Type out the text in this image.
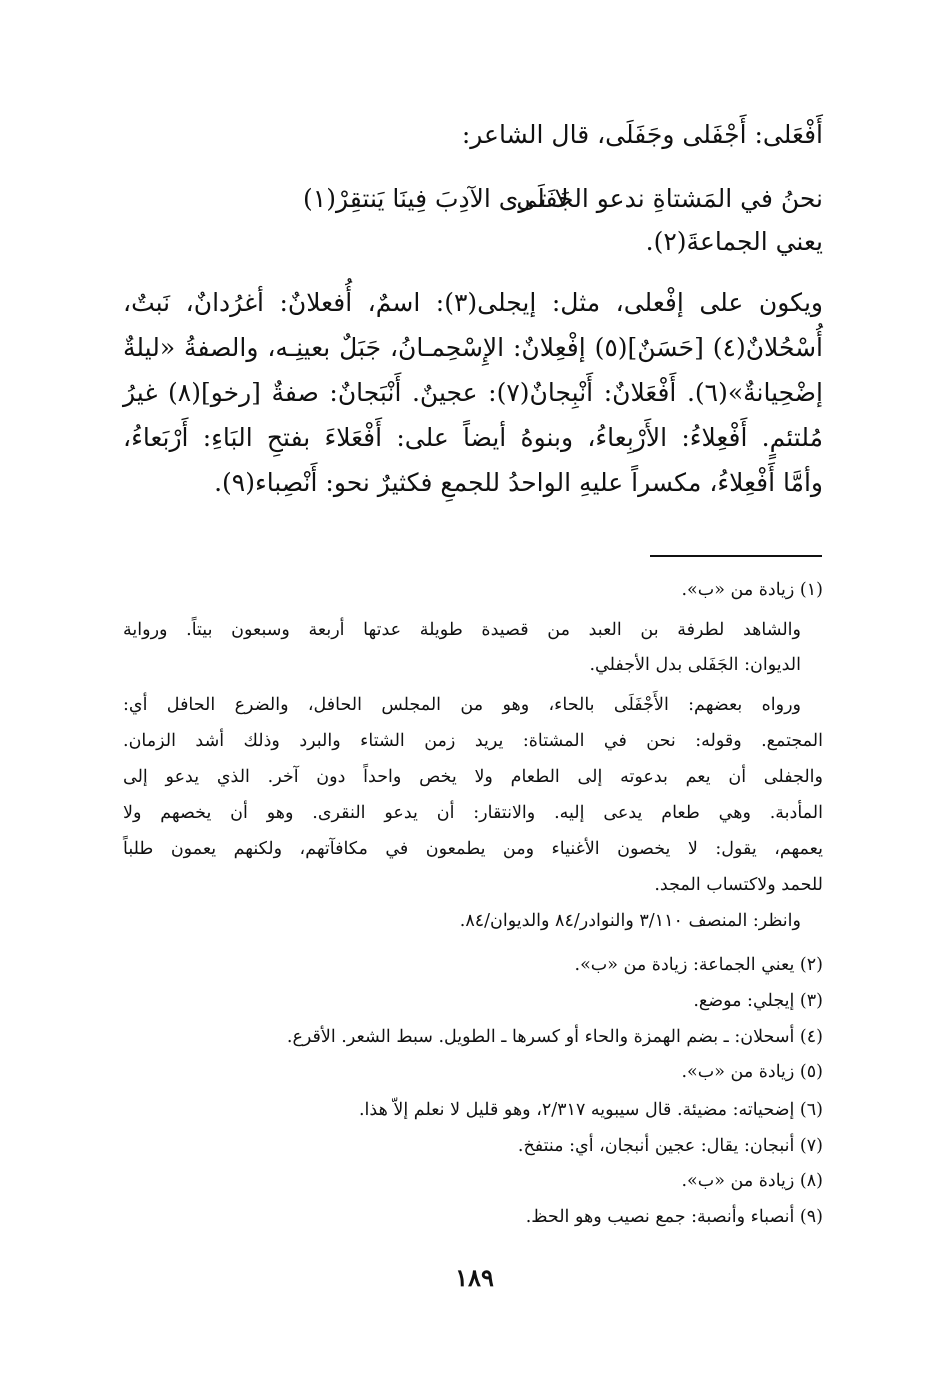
أَفْعَلى: أَجْفَلى وجَفَلَى، قال الشاعر:
نحنُ في المَشتاةِ ندعو الجَفَلَى
لا تـرى الآدِبَ فِينَا يَنتقِرْ(١)
يعني الجماعةَ(٢).
ويكون على إفْعلى، مثل: إيجلى(٣): اسمٌ، أُفعلانٌ: أغرُدانٌ، نَبتٌ،
أُسْحُلانٌ(٤) [حَسَنٌ](٥) إفْعِلانٌ: الإِسْحِمـانُ، جَبَلٌ بعينِـه، والصفةُ «ليلةٌ
إضْحِيانةٌ»(٦). أَفْعَلانٌ: أَنْبِجانٌ(٧): عجينٌ. أَنْبَجانٌ: صفةٌ [رخو](٨) غيرُ
مُلتئمٍ. أَفْعِلاءُ: الأَرْبِعاءُ، وبنوهُ أيضاً على: أَفْعَلاءَ بفتحِ البَاءِ: أَرْبَعاءُ،
وأمَّا أَفْعِلاءُ، مكسراً عليهِ الواحدُ للجمعِ فكثيرٌ نحو: أَنْصِباء(٩).
(١) زيادة من «ب».
والشاهد لطرفة بن العبد من قصيدة طويلة عدتها أربعة وسبعون بيتاً. ورواية
الديوان: الجَفَلى بدل الأجفلي.
ورواه بعضهم: الأَجْفَلَى بالحاء، وهو من المجلس الحافل، والضرع الحافل أي:
المجتمع. وقوله: نحن في المشتاة: يريد زمن الشتاء والبرد وذلك أشد الزمان.
والجفلى أن يعم بدعوته إلى الطعام ولا يخص واحداً دون آخر. الذي يدعو إلى
المأدبة. وهي طعام يدعى إليه. والانتقار: أن يدعو النقرى. وهو أن يخصهم ولا
يعمهم، يقول: لا يخصون الأغنياء ومن يطمعون في مكافآتهم، ولكنهم يعمون طلباً
للحمد ولاكتساب المجد.
وانظر: المنصف ٣/١١٠ والنوادر/٨٤ والديوان/٨٤.
(٢) يعني الجماعة: زيادة من «ب».
(٣) إيجلي: موضع.
(٤) أسحلان: ـ بضم الهمزة والحاء أو كسرها ـ الطويل. سبط الشعر. الأقرع.
(٥) زيادة من «ب».
(٦) إضحياته: مضيئة. قال سيبويه ٢/٣١٧، وهو قليل لا نعلم إلاّ هذا.
(٧) أنبجان: يقال: عجين أنبجان، أي: منتفخ.
(٨) زيادة من «ب».
(٩) أنصباء وأنصبة: جمع نصيب وهو الحظ.
١٨٩
